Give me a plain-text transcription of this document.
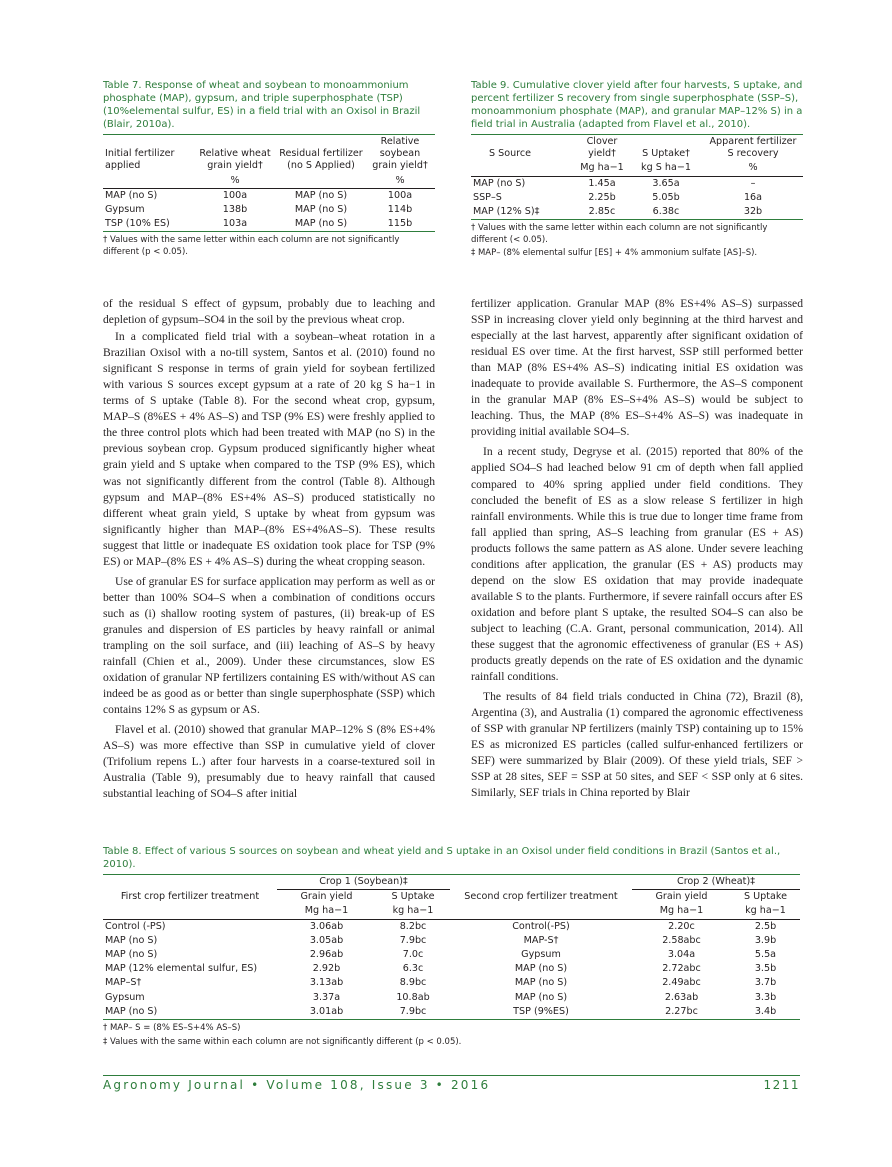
Table 7. Response of wheat and soybean to monoammonium phosphate (MAP), gypsum, and triple superphosphate (TSP) (10%elemental sulfur, ES) in a field trial with an Oxisol in Brazil (Blair, 2010a).

Initial fertilizer applied	Relative wheat grain yield†	Residual fertilizer (no S Applied)	Relative soybean grain yield†
	%		%
MAP (no S)	100a	MAP (no S)	100a
Gypsum	138b	MAP (no S)	114b
TSP (10% ES)	103a	MAP (no S)	115b
† Values with the same letter within each column are not significantly different (p < 0.05).

Table 9. Cumulative clover yield after four harvests, S uptake, and percent fertilizer S recovery from single superphosphate (SSP–S), monoammonium phosphate (MAP), and granular MAP–12% S) in a field trial in Australia (adapted from Flavel et al., 2010).

S Source	Clover yield†	S Uptake†	Apparent fertilizer S recovery
	Mg ha−1	kg S ha−1	%
MAP (no S)	1.45a	3.65a	–
SSP–S	2.25b	5.05b	16a
MAP (12% S)‡	2.85c	6.38c	32b
† Values with the same letter within each column are not significantly different (< 0.05).
‡ MAP– (8% elemental sulfur [ES] + 4% ammonium sulfate [AS]–S).

of the residual S effect of gypsum, probably due to leaching and depletion of gypsum–SO4 in the soil by the previous wheat crop.

In a complicated field trial with a soybean–wheat rotation in a Brazilian Oxisol with a no-till system, Santos et al. (2010) found no significant S response in terms of grain yield for soybean fertilized with various S sources except gypsum at a rate of 20 kg S ha−1 in terms of S uptake (Table 8). For the second wheat crop, gypsum, MAP–S (8%ES + 4% AS–S) and TSP (9% ES) were freshly applied to the three control plots which had been treated with MAP (no S) in the previous soybean crop. Gypsum produced significantly higher wheat grain yield and S uptake when compared to the TSP (9% ES), which was not significantly different from the control (Table 8). Although gypsum and MAP–(8% ES+4% AS–S) produced statistically no different wheat grain yield, S uptake by wheat from gypsum was significantly higher than MAP–(8% ES+4%AS–S). These results suggest that little or inadequate ES oxidation took place for TSP (9% ES) or MAP–(8% ES + 4% AS–S) during the wheat cropping season.

Use of granular ES for surface application may perform as well as or better than 100% SO4–S when a combination of conditions occurs such as (i) shallow rooting system of pastures, (ii) break-up of ES granules and dispersion of ES particles by heavy rainfall or animal trampling on the soil surface, and (iii) leaching of AS–S by heavy rainfall (Chien et al., 2009). Under these circumstances, slow ES oxidation of granular NP fertilizers containing ES with/without AS can indeed be as good as or better than single superphosphate (SSP) which contains 12% S as gypsum or AS.

Flavel et al. (2010) showed that granular MAP–12% S (8% ES+4% AS–S) was more effective than SSP in cumulative yield of clover (Trifolium repens L.) after four harvests in a coarse-textured soil in Australia (Table 9), presumably due to heavy rainfall that caused substantial leaching of SO4–S after initial

fertilizer application. Granular MAP (8% ES+4% AS–S) surpassed SSP in increasing clover yield only beginning at the third harvest and especially at the last harvest, apparently after significant oxidation of residual ES over time. At the first harvest, SSP still performed better than MAP (8% ES+4% AS–S) indicating initial ES oxidation was inadequate to provide available S. Furthermore, the AS–S component in the granular MAP (8% ES–S+4% AS–S) would be subject to leaching. Thus, the MAP (8% ES–S+4% AS–S) was inadequate in providing initial available SO4–S.

In a recent study, Degryse et al. (2015) reported that 80% of the applied SO4–S had leached below 91 cm of depth when fall applied compared to 40% spring applied under field conditions. They concluded the benefit of ES as a slow release S fertilizer in high rainfall environments. While this is true due to longer time frame from fall applied than spring, AS–S leaching from granular (ES + AS) products follows the same pattern as AS alone. Under severe leaching conditions after application, the granular (ES + AS) products may depend on the slow ES oxidation that may provide inadequate available S to the plants. Furthermore, if severe rainfall occurs after ES oxidation and before plant S uptake, the resulted SO4–S can also be subject to leaching (C.A. Grant, personal communication, 2014). All these suggest that the agronomic effectiveness of granular (ES + AS) products greatly depends on the rate of ES oxidation and the dynamic rainfall conditions.

The results of 84 field trials conducted in China (72), Brazil (8), Argentina (3), and Australia (1) compared the agronomic effectiveness of SSP with granular NP fertilizers (mainly TSP) containing up to 15% ES as micronized ES particles (called sulfur-enhanced fertilizers or SEF) were summarized by Blair (2009). Of these yield trials, SEF > SSP at 28 sites, SEF = SSP at 50 sites, and SEF < SSP only at 6 sites. Similarly, SEF trials in China reported by Blair

Table 8. Effect of various S sources on soybean and wheat yield and S uptake in an Oxisol under field conditions in Brazil (Santos et al., 2010).

	Crop 1 (Soybean)‡			Crop 2 (Wheat)‡	
First crop fertilizer treatment	Grain yield	S Uptake	Second crop fertilizer treatment	Grain yield	S Uptake
	Mg ha−1	kg ha−1		Mg ha−1	kg ha−1
Control (-PS)	3.06ab	8.2bc	Control(-PS)	2.20c	2.5b
MAP (no S)	3.05ab	7.9bc	MAP-S†	2.58abc	3.9b
MAP (no S)	2.96ab	7.0c	Gypsum	3.04a	5.5a
MAP (12% elemental sulfur, ES)	2.92b	6.3c	MAP (no S)	2.72abc	3.5b
MAP–S†	3.13ab	8.9bc	MAP (no S)	2.49abc	3.7b
Gypsum	3.37a	10.8ab	MAP (no S)	2.63ab	3.3b
MAP (no S)	3.01ab	7.9bc	TSP (9%ES)	2.27bc	3.4b
† MAP– S = (8% ES–S+4% AS–S)
‡ Values with the same within each column are not significantly different (p < 0.05).
Agronomy Journal • Volume 108, Issue 3 • 2016	1211
